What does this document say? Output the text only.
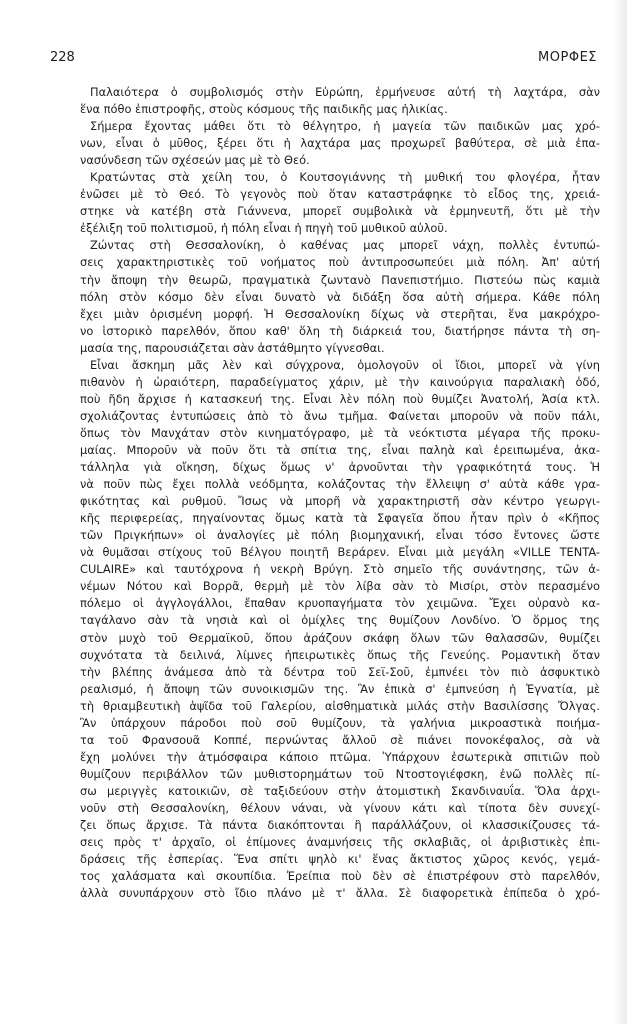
228	ΜΟΡΦΕΣ
Παλαιότερα ὁ συμβολισμός στὴν Εὐρώπη, ἑρμήνευσε αὐτή τὴ λαχτάρα, σὰν
ἕνα πόθο ἐπιστροφῆς, στοὺς κόσμους τῆς παιδικῆς μας ἡλικίας.
Σήμερα ἔχοντας μάθει ὅτι τὸ θέλγητρο, ἡ μαγεία τῶν παιδικῶν μας χρό-
νων, εἶναι ὁ μῦθος, ξέρει ὅτι ἡ λαχτάρα μας προχωρεῖ βαθύτερα, σὲ μιὰ ἐπα-
νασύνδεση τῶν σχέσεών μας μὲ τὸ Θεό.
Κρατώντας στὰ χείλη του, ὁ Κουτσογιάννης τὴ μυθική του φλογέρα, ἦταν
ἐνῶσει μὲ τὸ Θεό. Τὸ γεγονὸς ποὺ ὅταν καταστράφηκε τὸ εἶδος της, χρειά-
στηκε νὰ κατέβη στὰ Γιάννενα, μπορεῖ συμβολικὰ νὰ ἑρμηνευτῆ, ὅτι μὲ τὴν
ἐξέλιξη τοῦ πολιτισμοῦ, ἡ πόλη εἶναι ἡ πηγὴ τοῦ μυθικοῦ αὐλοῦ.
Ζώντας στὴ Θεσσαλονίκη, ὁ καθένας μας μπορεῖ νάχη, πολλὲς ἐντυπώ-
σεις χαρακτηριστικὲς τοῦ νοήματος ποὺ ἀντιπροσωπεύει μιὰ πόλη. Ἀπ' αὐτή
τὴν ἄποψη τὴν θεωρῶ, πραγματικὰ ζωντανὸ Πανεπιστήμιο. Πιστεύω πὼς καμιὰ
πόλη στὸν κόσμο δὲν εἶναι δυνατὸ νὰ διδάξη ὅσα αὐτὴ σήμερα. Κάθε πόλη
ἔχει μιὰν ὁρισμένη μορφή. Ἡ Θεσσαλονίκη δίχως νὰ στερῆται, ἕνα μακρόχρο-
νο ἱστορικὸ παρελθόν, ὅπου καθ' ὅλη τὴ διάρκειά του, διατήρησε πάντα τὴ ση-
μασία της, παρουσιάζεται σὰν ἀστάθμητο γίγνεσθαι.
Εἶναι ἄσκημη μᾶς λὲν καὶ σύγχρονα, ὁμολογοῦν οἱ ἴδιοι, μπορεῖ νὰ γίνη
πιθανὸν ἡ ὡραιότερη, παραδείγματος χάριν, μὲ τὴν καινούργια παραλιακὴ ὁδό,
ποὺ ἤδη ἄρχισε ἡ κατασκευή της. Εἶναι λὲν πόλη ποὺ θυμίζει Ἀνατολή, Ἀσία κτλ.
σχολιάζοντας ἐντυπώσεις ἀπὸ τὸ ἄνω τμῆμα. Φαίνεται μποροῦν νὰ ποῦν πάλι,
ὅπως τὸν Μανχάταν στὸν κινηματόγραφο, μὲ τὰ νεόκτιστα μέγαρα τῆς προκυ-
μαίας. Μποροῦν νὰ ποῦν ὅτι τὰ σπίτια της, εἶναι παληὰ καὶ ἐρειπωμένα, ἀκα-
τάλληλα γιὰ οἴκηση, δίχως ὅμως ν' ἀρνοῦνται τὴν γραφικότητά τους. Ἡ
νὰ ποῦν πὼς ἔχει πολλὰ νεόδμητα, κολάζοντας τὴν ἔλλειψη σ' αὐτὰ κάθε γρα-
φικότητας καὶ ρυθμοῦ. Ἴσως νὰ μπορῆ νὰ χαρακτηριστῆ σὰν κέντρο γεωργι-
κῆς περιφερείας, πηγαίνοντας ὅμως κατὰ τὰ Σφαγεῖα ὅπου ἦταν πρὶν ὁ «Κῆπος
τῶν Πριγκήπων» οἱ ἀναλογίες μὲ πόλη βιομηχανική, εἶναι τόσο ἔντονες ὥστε
νὰ θυμᾶσαι στίχους τοῦ Βέλγου ποιητῆ Βεράρεν. Εἶναι μιὰ μεγάλη «VILLE TENTA-
CULAIRE» καὶ ταυτόχρονα ἡ νεκρὴ Βρύγη. Στὸ σημεῖο τῆς συνάντησης, τῶν ἀ-
νέμων Νότου καὶ Βορρᾶ, θερμὴ μὲ τὸν λίβα σὰν τὸ Μισίρι, στὸν περασμένο
πόλεμο οἱ ἀγγλογάλλοι, ἔπαθαν κρυοπαγήματα τὸν χειμῶνα. Ἔχει οὐρανὸ κα-
ταγάλανο σὰν τὰ νησιὰ καὶ οἱ ὁμίχλες της θυμίζουν Λονδίνο. Ὁ ὅρμος της
στὸν μυχὸ τοῦ Θερμαϊκοῦ, ὅπου ἀράζουν σκάφη ὅλων τῶν θαλασσῶν, θυμίζει
συχνότατα τὰ δειλινά, λίμνες ἠπειρωτικὲς ὅπως τῆς Γενεύης. Ρομαντικὴ ὅταν
τὴν βλέπης ἀνάμεσα ἀπὸ τὰ δέντρα τοῦ Σεϊ-Σοῦ, ἐμπνέει τὸν πιὸ ἀσφυκτικὸ
ρεαλισμό, ἡ ἄποψη τῶν συνοικισμῶν της. Ἂν ἐπικὰ σ' ἐμπνεύση ἡ Ἐγνατία, μὲ
τὴ θριαμβευτικὴ ἁψῖδα τοῦ Γαλερίου, αἰσθηματικὰ μιλάς στὴν Βασιλίσσης Ὄλγας.
Ἂν ὑπάρχουν πάροδοι ποὺ σοῦ θυμίζουν, τὰ γαλήνια μικροαστικὰ ποιήμα-
τα τοῦ Φρανσουᾶ Κοππέ, περνώντας ἄλλοῦ σὲ πιάνει πονοκέφαλος, σὰ νὰ
ἔχη μολύνει τὴν ἀτμόσφαιρα κάποιο πτῶμα. Ὑπάρχουν ἐσωτερικὰ σπιτιῶν ποὺ
θυμίζουν περιβάλλον τῶν μυθιστορημάτων τοῦ Ντοστογιέφσκη, ἐνῶ πολλὲς πί-
σω μεριγγὲς κατοικιῶν, σὲ ταξιδεύουν στὴν ἀτομιστικὴ Σκανδιναυΐα. Ὅλα ἀρχι-
νοῦν στὴ Θεσσαλονίκη, θέλουν νάναι, νὰ γίνουν κάτι καὶ τίποτα δὲν συνεχί-
ζει ὅπως ἄρχισε. Τὰ πάντα διακόπτονται ἢ παράλλάζουν, οἱ κλασσικίζουσες τά-
σεις πρὸς τ' ἀρχαῖο, οἱ ἐπίμονες ἀναμνήσεις τῆς σκλαβιᾶς, οἱ ἀριβιστικὲς ἐπι-
δράσεις τῆς ἑσπερίας. Ἕνα σπίτι ψηλὸ κι' ἕνας ἄκτιστος χῶρος κενός, γεμά-
τος χαλάσματα καὶ σκουπίδια. Ἐρείπια ποὺ δὲν σὲ ἐπιστρέφουν στὸ παρελθόν,
ἀλλὰ συνυπάρχουν στὸ ἴδιο πλάνο μὲ τ' ἄλλα. Σὲ διαφορετικὰ ἐπίπεδα ὁ χρό-
